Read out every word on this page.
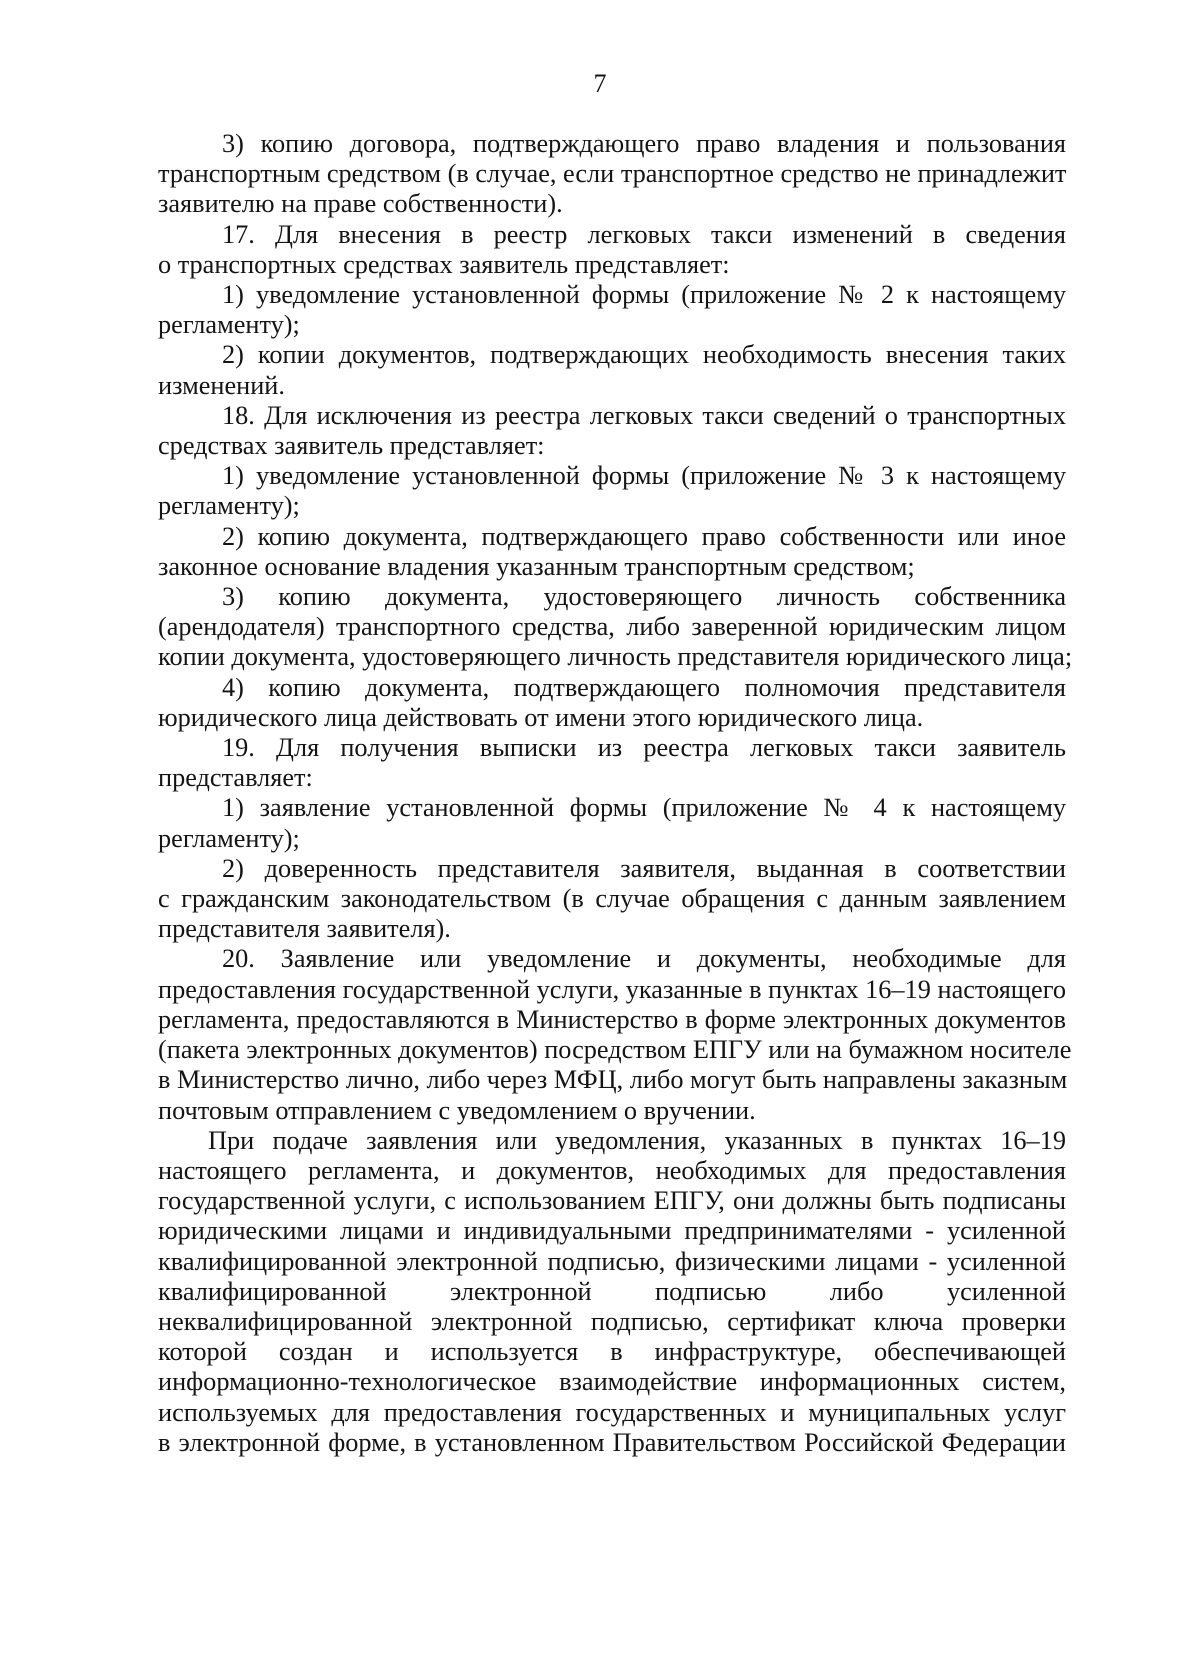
7
3) копию договора, подтверждающего право владения и пользования
транспортным средством (в случае, если транспортное средство не принадлежит
заявителю на праве собственности).
17. Для внесения в реестр легковых такси изменений в сведения
о транспортных средствах заявитель представляет:
1) уведомление установленной формы (приложение № 2 к настоящему
регламенту);
2) копии документов, подтверждающих необходимость внесения таких
изменений.
18. Для исключения из реестра легковых такси сведений о транспортных
средствах заявитель представляет:
1) уведомление установленной формы (приложение № 3 к настоящему
регламенту);
2) копию документа, подтверждающего право собственности или иное
законное основание владения указанным транспортным средством;
3) копию документа, удостоверяющего личность собственника
(арендодателя) транспортного средства, либо заверенной юридическим лицом
копии документа, удостоверяющего личность представителя юридического лица;
4) копию документа, подтверждающего полномочия представителя
юридического лица действовать от имени этого юридического лица.
19. Для получения выписки из реестра легковых такси заявитель
представляет:
1) заявление установленной формы (приложение № 4 к настоящему
регламенту);
2) доверенность представителя заявителя, выданная в соответствии
с гражданским законодательством (в случае обращения с данным заявлением
представителя заявителя).
20. Заявление или уведомление и документы, необходимые для
предоставления государственной услуги, указанные в пунктах 16–19 настоящего
регламента, предоставляются в Министерство в форме электронных документов
(пакета электронных документов) посредством ЕПГУ или на бумажном носителе
в Министерство лично, либо через МФЦ, либо могут быть направлены заказным
почтовым отправлением с уведомлением о вручении.
При подаче заявления или уведомления, указанных в пунктах 16–19
настоящего регламента, и документов, необходимых для предоставления
государственной услуги, с использованием ЕПГУ, они должны быть подписаны
юридическими лицами и индивидуальными предпринимателями - усиленной
квалифицированной электронной подписью, физическими лицами - усиленной
квалифицированной электронной подписью либо усиленной
неквалифицированной электронной подписью, сертификат ключа проверки
которой создан и используется в инфраструктуре, обеспечивающей
информационно-технологическое взаимодействие информационных систем,
используемых для предоставления государственных и муниципальных услуг
в электронной форме, в установленном Правительством Российской Федерации
